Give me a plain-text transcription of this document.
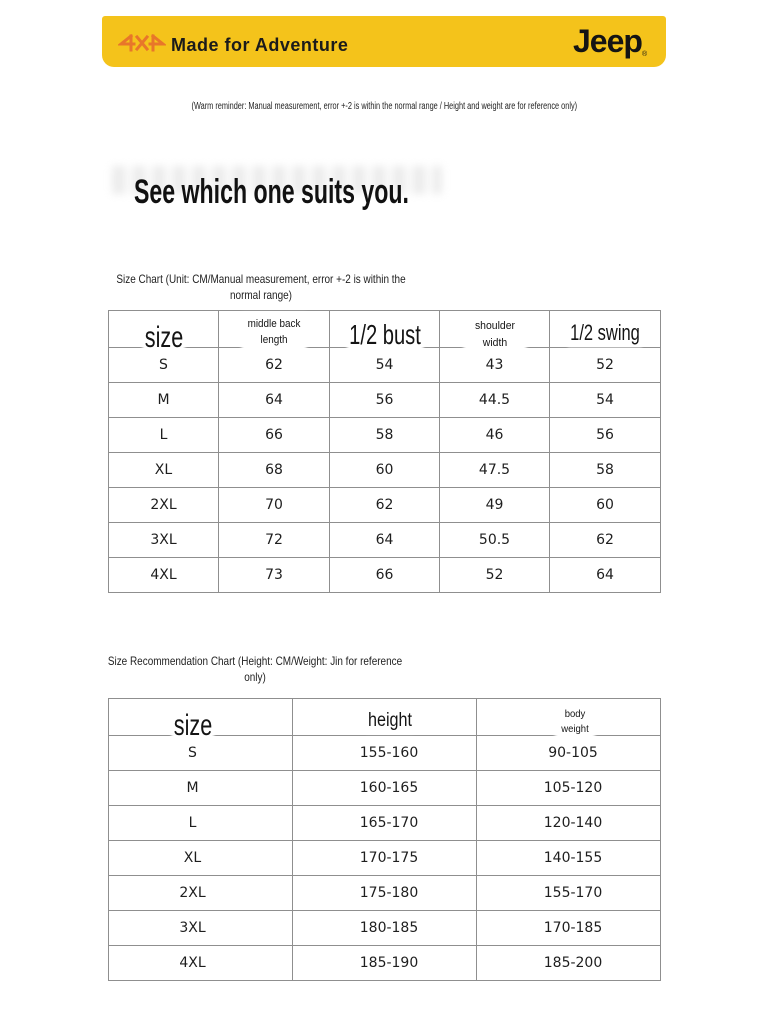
Made for Adventure	Jeep ®
(Warm reminder: Manual measurement, error +-2 is within the normal range / Height and weight are for reference only)
See which one suits you.
Size Chart (Unit: CM/Manual measurement, error +-2 is within the normal range)
size	middle back length	1/2 bust	shoulder width	1/2 swing
S	62	54	43	52
M	64	56	44.5	54
L	66	58	46	56
XL	68	60	47.5	58
2XL	70	62	49	60
3XL	72	64	50.5	62
4XL	73	66	52	64
Size Recommendation Chart (Height: CM/Weight: Jin for reference only)
size	height	body weight
S	155-160	90-105
M	160-165	105-120
L	165-170	120-140
XL	170-175	140-155
2XL	175-180	155-170
3XL	180-185	170-185
4XL	185-190	185-200
